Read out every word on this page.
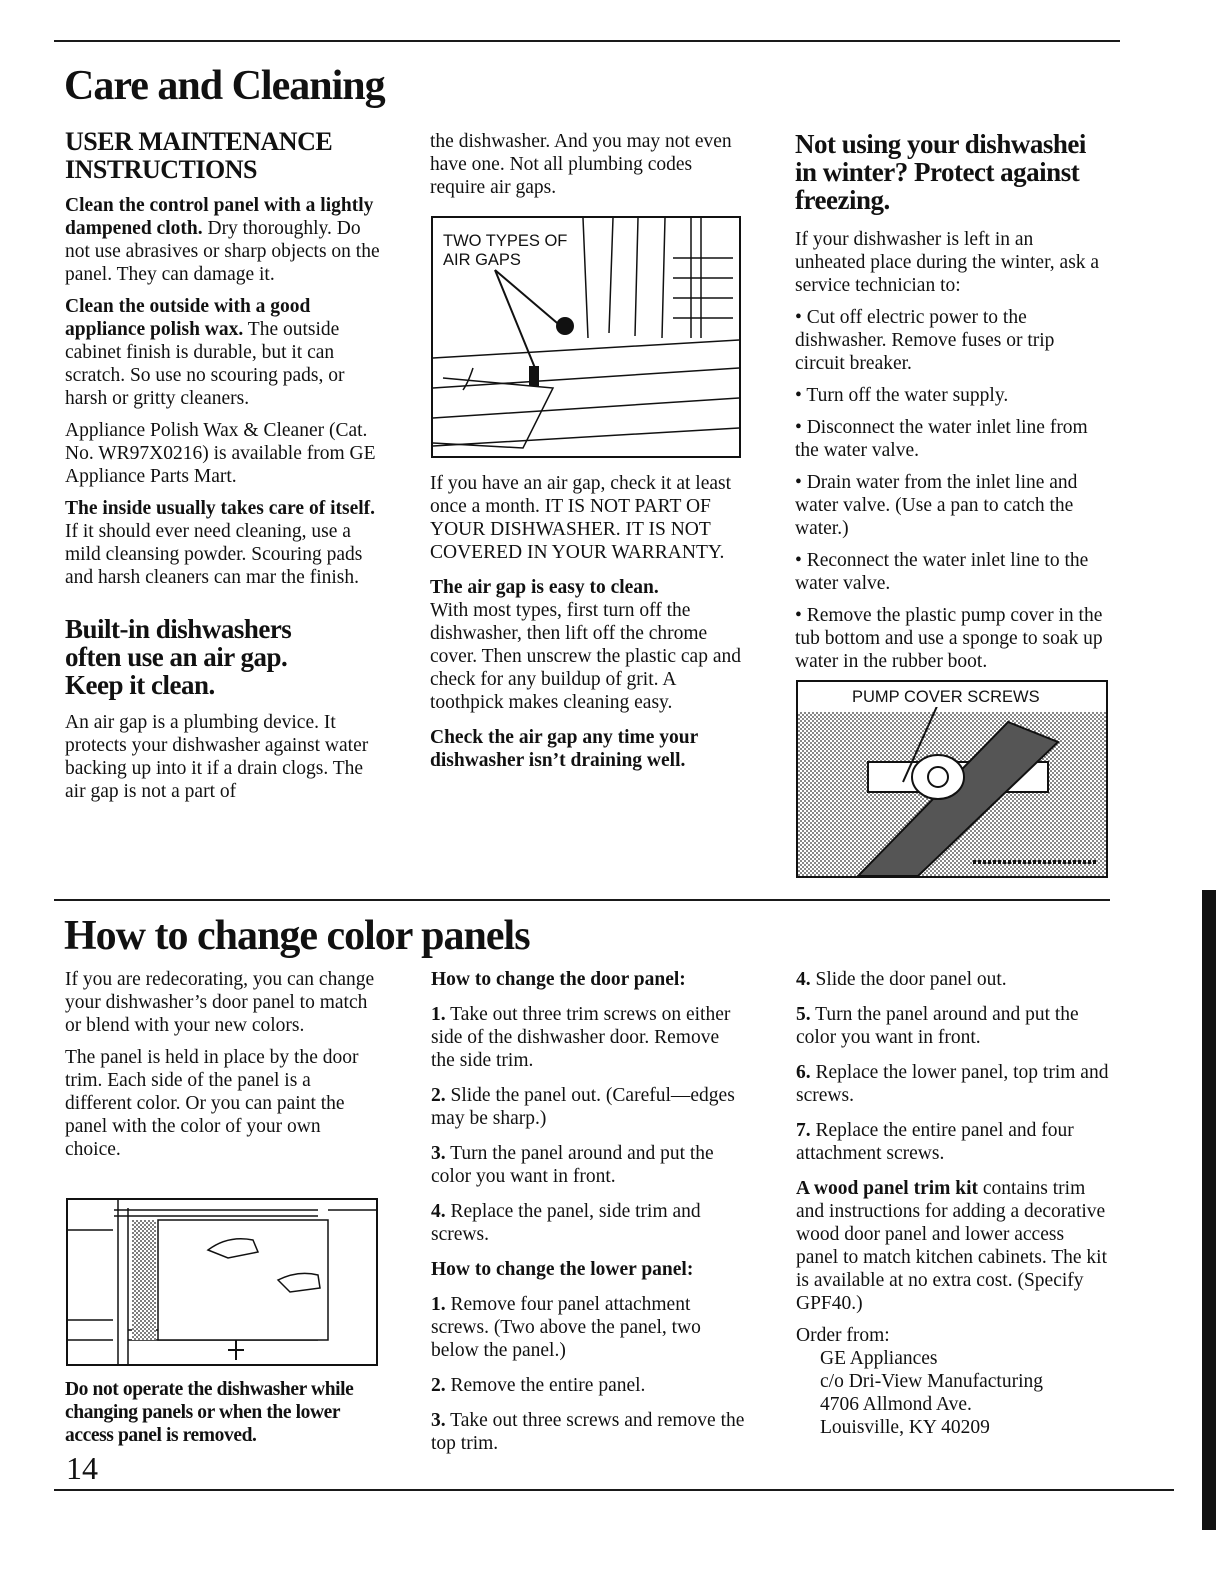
Care and Cleaning
USER MAINTENANCE INSTRUCTIONS

Clean the control panel with a lightly dampened cloth. Dry thoroughly. Do not use abrasives or sharp objects on the panel. They can damage it.

Clean the outside with a good appliance polish wax. The outside cabinet finish is durable, but it can scratch. So use no scouring pads, or harsh or gritty cleaners.

Appliance Polish Wax & Cleaner (Cat. No. WR97X0216) is available from GE Appliance Parts Mart.

The inside usually takes care of itself. If it should ever need cleaning, use a mild cleansing powder. Scouring pads and harsh cleaners can mar the finish.

Built-in dishwashers often use an air gap. Keep it clean.

An air gap is a plumbing device. It protects your dishwasher against water backing up into it if a drain clogs. The air gap is not a part of

the dishwasher. And you may not even have one. Not all plumbing codes require air gaps.

TWO TYPES OF AIR GAPS

If you have an air gap, check it at least once a month. IT IS NOT PART OF YOUR DISHWASHER. IT IS NOT COVERED IN YOUR WARRANTY.

The air gap is easy to clean.
With most types, first turn off the dishwasher, then lift off the chrome cover. Then unscrew the plastic cap and check for any buildup of grit. A toothpick makes cleaning easy.

Check the air gap any time your dishwasher isn’t draining well.

Not using your dishwashei in winter? Protect against freezing.

If your dishwasher is left in an unheated place during the winter, ask a service technician to:

• Cut off electric power to the dishwasher. Remove fuses or trip circuit breaker.

• Turn off the water supply.

• Disconnect the water inlet line from the water valve.

• Drain water from the inlet line and water valve. (Use a pan to catch the water.)

• Reconnect the water inlet line to the water valve.

• Remove the plastic pump cover in the tub bottom and use a sponge to soak up water in the rubber boot.

PUMP COVER SCREWS
How to change color panels

If you are redecorating, you can change your dishwasher’s door panel to match or blend with your new colors.

The panel is held in place by the door trim. Each side of the panel is a different color. Or you can paint the panel with the color of your own choice.

Do not operate the dishwasher while changing panels or when the lower access panel is removed.

14

How to change the door panel:

1. Take out three trim screws on either side of the dishwasher door. Remove the side trim.

2. Slide the panel out. (Careful—edges may be sharp.)

3. Turn the panel around and put the color you want in front.

4. Replace the panel, side trim and screws.

How to change the lower panel:

1. Remove four panel attachment screws. (Two above the panel, two below the panel.)

2. Remove the entire panel.

3. Take out three screws and remove the top trim.

4. Slide the door panel out.

5. Turn the panel around and put the color you want in front.

6. Replace the lower panel, top trim and screws.

7. Replace the entire panel and four attachment screws.

A wood panel trim kit contains trim and instructions for adding a decorative wood door panel and lower access panel to match kitchen cabinets. The kit is available at no extra cost. (Specify GPF40.)

Order from:

GE Appliances
c/o Dri-View Manufacturing
4706 Allmond Ave.
Louisville, KY 40209
